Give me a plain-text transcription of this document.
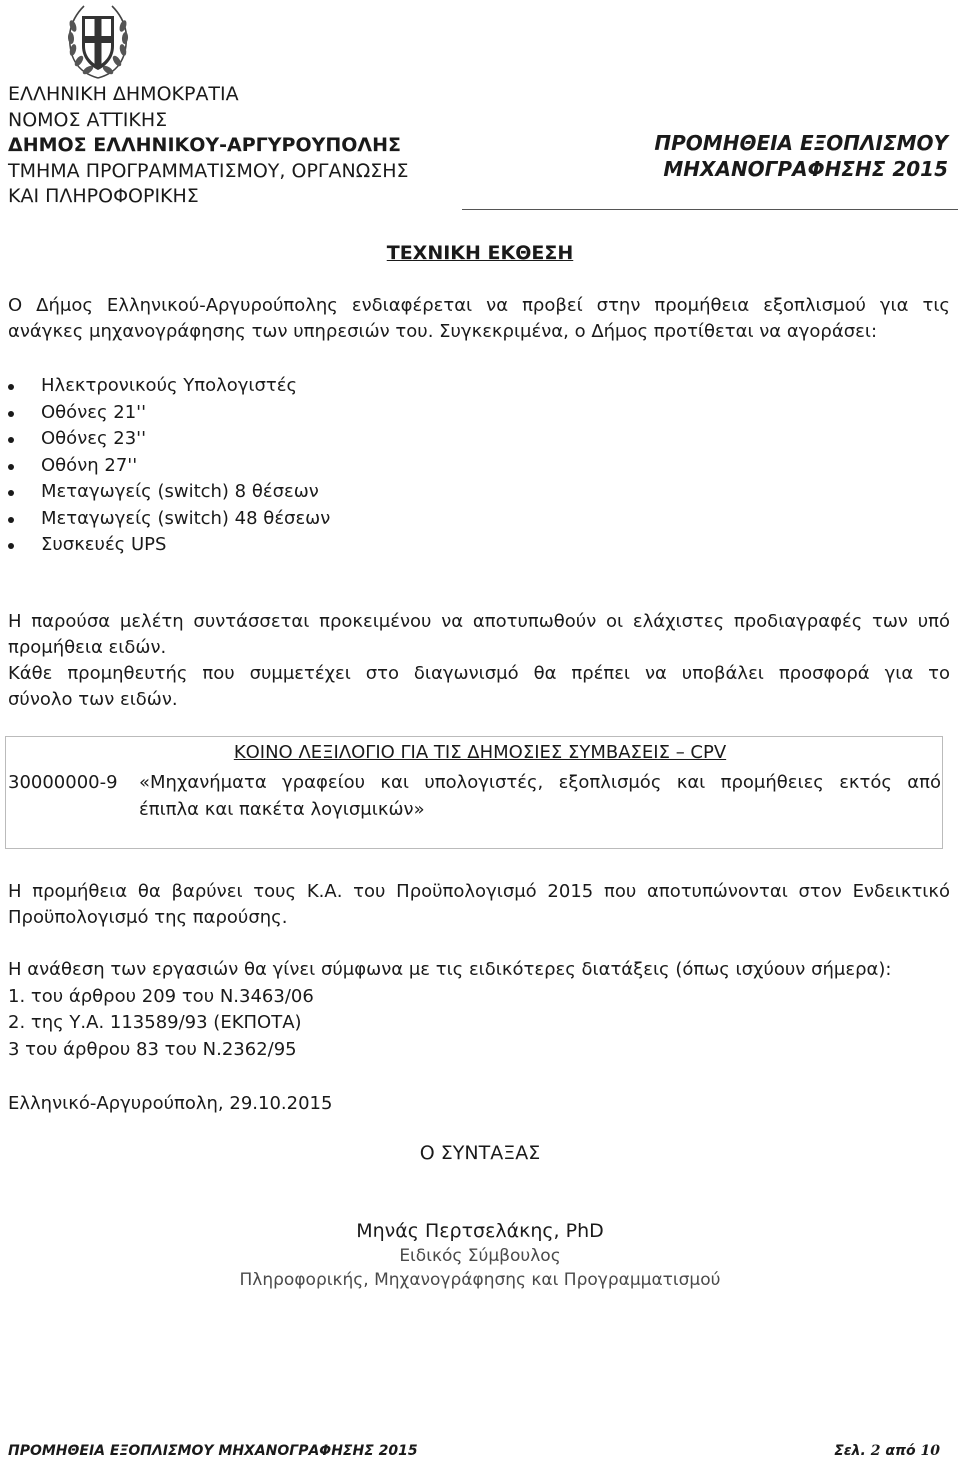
ΕΛΛΗΝΙΚΗ ΔΗΜΟΚΡΑΤΙΑ
ΝΟΜΟΣ ΑΤΤΙΚΗΣ
ΔΗΜΟΣ ΕΛΛΗΝΙΚΟΥ-ΑΡΓΥΡΟΥΠΟΛΗΣ
ΤΜΗΜΑ ΠΡΟΓΡΑΜΜΑΤΙΣΜΟΥ, ΟΡΓΑΝΩΣΗΣ
ΚΑΙ ΠΛΗΡΟΦΟΡΙΚΗΣ
ΠΡΟΜΗΘΕΙΑ ΕΞΟΠΛΙΣΜΟΥ
ΜΗΧΑΝΟΓΡΑΦΗΣΗΣ 2015
ΤΕΧΝΙΚΗ ΕΚΘΕΣΗ
Ο Δήμος Ελληνικού-Αργυρούπολης ενδιαφέρεται να προβεί στην προμήθεια εξοπλισμού για τις
ανάγκες μηχανογράφησης των υπηρεσιών του. Συγκεκριμένα, ο Δήμος προτίθεται να αγοράσει:
Ηλεκτρονικούς Υπολογιστές
Οθόνες 21''
Οθόνες 23''
Οθόνη 27''
Μεταγωγείς (switch) 8 θέσεων
Μεταγωγείς (switch) 48 θέσεων
Συσκευές UPS
Η παρούσα μελέτη συντάσσεται προκειμένου να αποτυπωθούν οι ελάχιστες προδιαγραφές των υπό
προμήθεια ειδών.
Κάθε προμηθευτής που συμμετέχει στο διαγωνισμό θα πρέπει να υποβάλει προσφορά για το
σύνολο των ειδών.
ΚΟΙΝΟ ΛΕΞΙΛΟΓΙΟ ΓΙΑ ΤΙΣ ΔΗΜΟΣΙΕΣ ΣΥΜΒΑΣΕΙΣ – CPV
30000000-9 «Μηχανήματα γραφείου και υπολογιστές, εξοπλισμός και προμήθειες εκτός από
έπιπλα και πακέτα λογισμικών»
Η προμήθεια θα βαρύνει τους Κ.Α. του Προϋπολογισμό 2015 που αποτυπώνονται στον Ενδεικτικό
Προϋπολογισμό της παρούσης.
Η ανάθεση των εργασιών θα γίνει σύμφωνα με τις ειδικότερες διατάξεις (όπως ισχύουν σήμερα):
1. του άρθρου 209 του Ν.3463/06
2. της Υ.Α. 113589/93 (ΕΚΠΟΤΑ)
3 του άρθρου 83 του Ν.2362/95
Ελληνικό-Αργυρούπολη, 29.10.2015
Ο ΣΥΝΤΑΞΑΣ
Μηνάς Περτσελάκης, PhD
Ειδικός Σύμβουλος
Πληροφορικής, Μηχανογράφησης και Προγραμματισμού
ΠΡΟΜΗΘΕΙΑ ΕΞΟΠΛΙΣΜΟΥ ΜΗΧΑΝΟΓΡΑΦΗΣΗΣ 2015	Σελ. 2 από 10
